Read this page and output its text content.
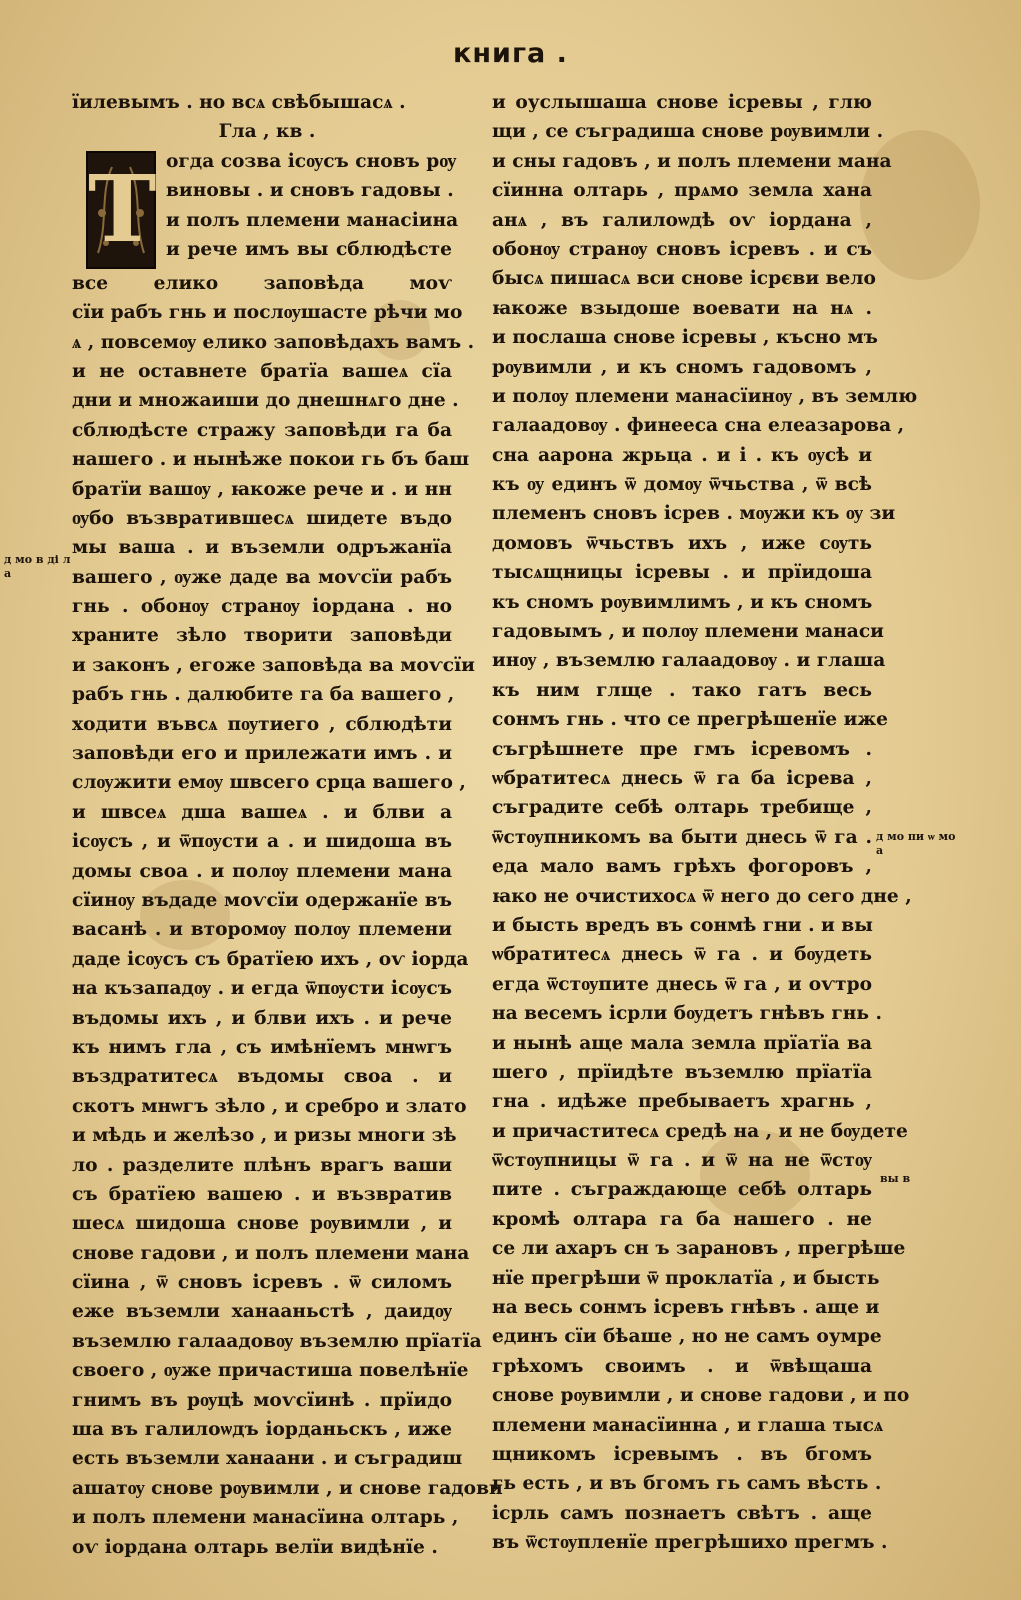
книга .
їилевымъ . но всѧ свѣбышасѧ .
Гла , кв .
Т огда созва ісѹсъ сновъ рѹ
виновы . и сновъ гадовы .
и полъ племени манасіина
и рече имъ вы сблюдѣсте
все елико заповѣда моѵ
сїи рабъ гнь и послѹшасте рѣчи мо
ѧ , повсемѹ елико заповѣдахъ вамъ .
и не оставнете братїа вашеѧ сїа
дни и множаиши до днешнѧго дне .
сблюдѣсте стражу заповѣди га ба
нашего . и нынѣже покои гь бъ баш
братїи вашѹ , ꙗкоже рече и . и нн
ѹбо възвратившесѧ шидете въдо
мы ваша . и въземли одръжанїа
вашего , ѹже даде ва моѵсїи рабъ
гнь . обонѹ странѹ іордана . но
храните зѣло творити заповѣди
и законъ , егоже заповѣда ва моѵсїи
рабъ гнь . далюбите га ба вашего ,
ходити въвсѧ пѹтиего , сблюдѣти
заповѣди его и прилежати имъ . и
слѹжити емѹ швсего срца вашего ,
и швсеѧ дша вашеѧ . и блви а
ісѹсъ , и ѿпѹсти а . и шидоша въ
домы своа . и полѹ племени мана
сїинѹ въдаде моѵсїи одержанїе въ
васанѣ . и второмѹ полѹ племени
даде ісѹсъ съ братїею ихъ , оѵ іорда
на къзападѹ . и егда ѿпѹсти ісѹсъ
въдомы ихъ , и блви ихъ . и рече
къ нимъ гла , съ имѣнїемъ мнѡгъ
въздратитесѧ въдомы своа . и
скотъ мнѡгъ зѣло , и сребро и злато
и мѣдь и желѣзо , и ризы многи зѣ
ло . разделите плѣнъ врагъ ваши
съ братїею вашею . и възвратив
шесѧ шидоша снове рѹвимли , и
снове гадови , и полъ племени мана
сїина , ѿ сновъ ісревъ . ѿ силомъ
еже въземли ханааньстѣ , даидѹ
въземлю галаадовѹ въземлю прїатїа
своего , ѹже причастиша повелѣнїе
гнимъ въ рѹцѣ моѵсїинѣ . прїидо
ша въ галилоѡдъ іорданьскъ , иже
есть въземли ханаани . и съградиш
ашатѹ снове рѹвимли , и снове гадови
и полъ племени манасїина олтарь ,
оѵ іордана олтарь велїи видѣнїе .
и оуслышаша снове ісревы , глю
щи , се съградиша снове рѹвимли .
и сны гадовъ , и полъ племени мана
сїинна олтарь , прѧмо земла хана
анѧ , въ галилоѡдѣ оѵ іордана ,
обонѹ странѹ сновъ ісревъ . и съ
бысѧ пишасѧ вси снове ісрєви вело
ꙗкоже взыдоше воевати на нѧ .
и послаша снове ісревы , късно мъ
рѹвимли , и къ сномъ гадовомъ ,
и полѹ племени манасїинѹ , въ землю
галаадовѹ . финееса сна елеазарова ,
сна аарона жрьца . и і . къ ѹсѣ и
къ ѹ единъ ѿ домѹ ѿчьства , ѿ всѣ
племенъ сновъ ісрев . мѹжи къ ѹ зи
домовъ ѿчьствъ ихъ , иже сѹть
тысѧщницы ісревы . и прїидоша
къ сномъ рѹвимлимъ , и къ сномъ
гадовымъ , и полѹ племени манаси
инѹ , въземлю галаадовѹ . и глаша
къ ним глще . тако гатъ весь
сонмъ гнь . что се прегрѣшенїе иже
съгрѣшнете пре гмъ ісревомъ .
ѡбратитесѧ днесь ѿ га ба ісрева ,
съградите себѣ олтарь требище ,
ѿстѹпникомъ ва быти днесь ѿ га .
еда мало вамъ грѣхъ фогоровъ ,
ꙗко не очистихосѧ ѿ него до сего дне ,
и бысть вредъ въ сонмѣ гни . и вы
ѡбратитесѧ днесь ѿ га . и бѹдеть
егда ѿстѹпите днесь ѿ га , и оѵтро
на весемъ ісрли бѹдетъ гнѣвъ гнь .
и нынѣ аще мала земла прїатїа ва
шего , прїидѣте въземлю прїатїа
гна . идѣже пребываетъ храгнь ,
и причаститесѧ средѣ на , и не бѹдете
ѿстѹпницы ѿ га . и ѿ на не ѿстѹ
пите . съграждающе себѣ олтарь
кромѣ олтара га ба нашего . не
се ли ахаръ сн ъ зарановъ , прегрѣше
нїе прегрѣши ѿ проклатїа , и бысть
на весь сонмъ ісревъ гнѣвъ . аще и
единъ сїи бѣаше , но не самъ оумре
грѣхомъ своимъ . и ѿвѣщаша
снове рѹвимли , и снове гадови , и по
племени манасїинна , и глаша тысѧ
щникомъ ісревымъ . въ бгомъ
гь есть , и въ бгомъ гь самъ вѣсть .
ісрль самъ познаетъ свѣтъ . аще
въ ѿстѹпленїе прегрѣшихо прегмъ .
д мо в ді л а
д мо пи ѡ мо а
вы в
